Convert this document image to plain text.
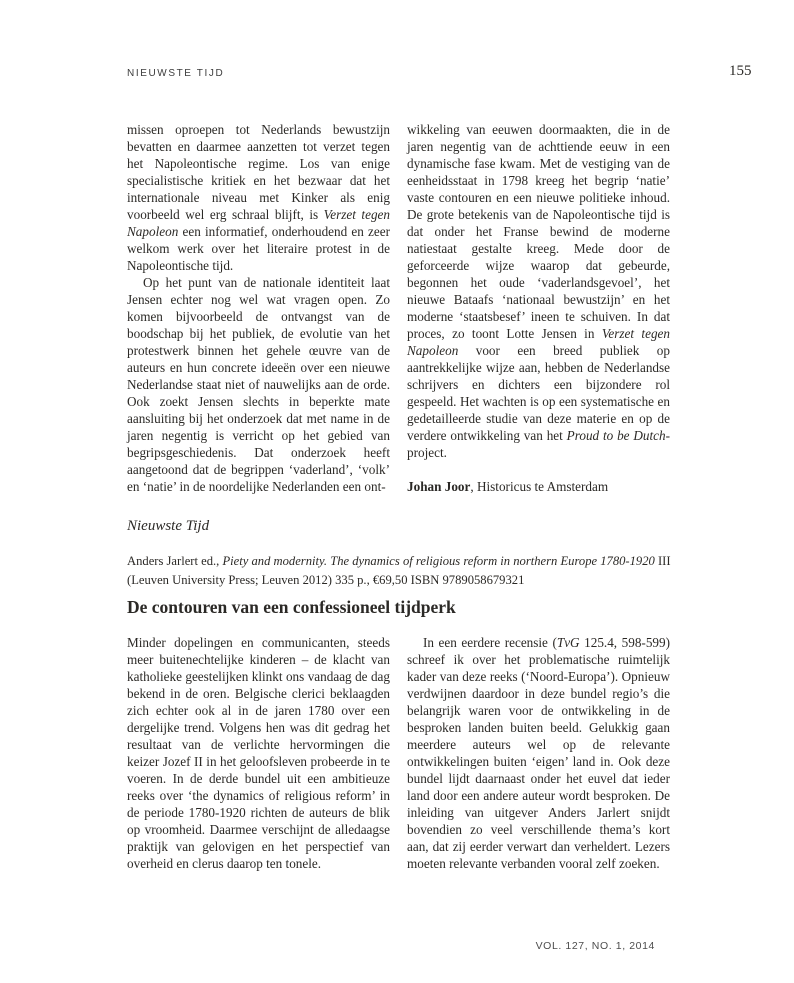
NIEUWSTE TIJD	155

missen oproepen tot Nederlands bewustzijn bevatten en daarmee aanzetten tot verzet tegen het Napoleontische regime. Los van enige specialistische kritiek en het bezwaar dat het internationale niveau met Kinker als enig voorbeeld wel erg schraal blijft, is Verzet tegen Napoleon een informatief, onderhoudend en zeer welkom werk over het literaire protest in de Napoleontische tijd.

Op het punt van de nationale identiteit laat Jensen echter nog wel wat vragen open. Zo komen bijvoorbeeld de ontvangst van de boodschap bij het publiek, de evolutie van het protestwerk binnen het gehele œuvre van de auteurs en hun concrete ideeën over een nieuwe Nederlandse staat niet of nauwelijks aan de orde. Ook zoekt Jensen slechts in beperkte mate aansluiting bij het onderzoek dat met name in de jaren negentig is verricht op het gebied van begripsgeschiedenis. Dat onderzoek heeft aangetoond dat de begrippen ‘vaderland’, ‘volk’ en ‘natie’ in de noordelijke Nederlanden een ont-

wikkeling van eeuwen doormaakten, die in de jaren negentig van de achttiende eeuw in een dynamische fase kwam. Met de vestiging van de eenheidsstaat in 1798 kreeg het begrip ‘natie’ vaste contouren en een nieuwe politieke inhoud. De grote betekenis van de Napoleontische tijd is dat onder het Franse bewind de moderne natiestaat gestalte kreeg. Mede door de geforceerde wijze waarop dat gebeurde, begonnen het oude ‘vaderlandsgevoel’, het nieuwe Bataafs ‘nationaal bewustzijn’ en het moderne ‘staatsbesef’ ineen te schuiven. In dat proces, zo toont Lotte Jensen in Verzet tegen Napoleon voor een breed publiek op aantrekkelijke wijze aan, hebben de Nederlandse schrijvers en dichters een bijzondere rol gespeeld. Het wachten is op een systematische en gedetailleerde studie van deze materie en op de verdere ontwikkeling van het Proud to be Dutch-project.

Johan Joor, Historicus te Amsterdam

Nieuwste Tijd

Anders Jarlert ed., Piety and modernity. The dynamics of religious reform in northern Europe 1780-1920 III (Leuven University Press; Leuven 2012) 335 p., €69,50 ISBN 9789058679321

De contouren van een confessioneel tijdperk

Minder dopelingen en communicanten, steeds meer buitenechtelijke kinderen – de klacht van katholieke geestelijken klinkt ons vandaag de dag bekend in de oren. Belgische clerici beklaagden zich echter ook al in de jaren 1780 over een dergelijke trend. Volgens hen was dit gedrag het resultaat van de verlichte hervormingen die keizer Jozef II in het geloofsleven probeerde in te voeren. In de derde bundel uit een ambitieuze reeks over ‘the dynamics of religious reform’ in de periode 1780-1920 richten de auteurs de blik op vroomheid. Daarmee verschijnt de alledaagse praktijk van gelovigen en het perspectief van overheid en clerus daarop ten tonele.

In een eerdere recensie (TvG 125.4, 598-599) schreef ik over het problematische ruimtelijk kader van deze reeks (‘Noord-Europa’). Opnieuw verdwijnen daardoor in deze bundel regio’s die belangrijk waren voor de ontwikkeling in de besproken landen buiten beeld. Gelukkig gaan meerdere auteurs wel op de relevante ontwikkelingen buiten ‘eigen’ land in. Ook deze bundel lijdt daarnaast onder het euvel dat ieder land door een andere auteur wordt besproken. De inleiding van uitgever Anders Jarlert snijdt bovendien zo veel verschillende thema’s kort aan, dat zij eerder verwart dan verheldert. Lezers moeten relevante verbanden vooral zelf zoeken.

VOL. 127, NO. 1, 2014
